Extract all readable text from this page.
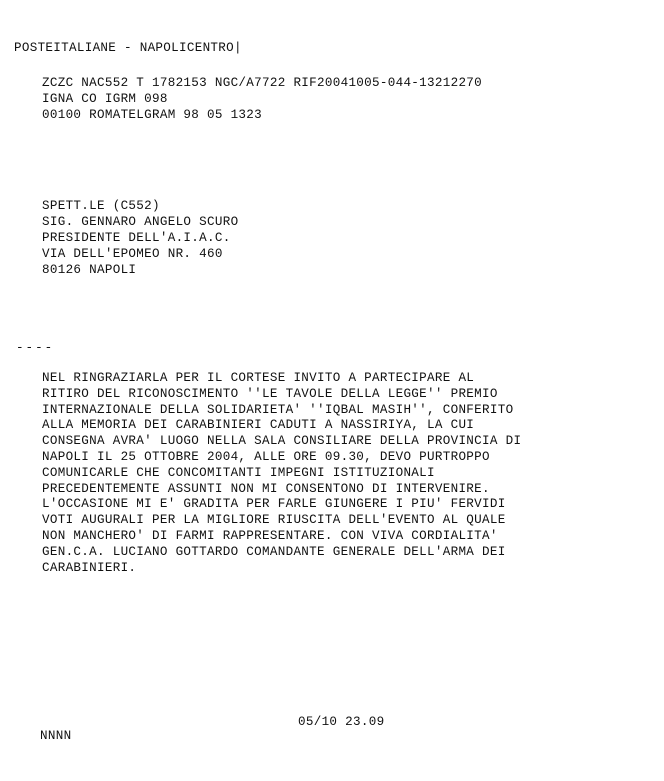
POSTEITALIANE - NAPOLICENTRO|
ZCZC NAC552 T 1782153 NGC/A7722 RIF20041005-044-13212270
IGNA CO IGRM 098
00100 ROMATELGRAM 98 05 1323
SPETT.LE (C552)
SIG. GENNARO ANGELO SCURO
PRESIDENTE DELL'A.I.A.C.
VIA DELL'EPOMEO NR. 460
80126 NAPOLI
----
NEL RINGRAZIARLA PER IL CORTESE INVITO A PARTECIPARE AL
RITIRO DEL RICONOSCIMENTO ''LE TAVOLE DELLA LEGGE'' PREMIO
INTERNAZIONALE DELLA SOLIDARIETA' ''IQBAL MASIH'', CONFERITO
ALLA MEMORIA DEI CARABINIERI CADUTI A NASSIRIYA, LA CUI
CONSEGNA AVRA' LUOGO NELLA SALA CONSILIARE DELLA PROVINCIA DI
NAPOLI IL 25 OTTOBRE 2004, ALLE ORE 09.30, DEVO PURTROPPO
COMUNICARLE CHE CONCOMITANTI IMPEGNI ISTITUZIONALI
PRECEDENTEMENTE ASSUNTI NON MI CONSENTONO DI INTERVENIRE.
L'OCCASIONE MI E' GRADITA PER FARLE GIUNGERE I PIU' FERVIDI
VOTI AUGURALI PER LA MIGLIORE RIUSCITA DELL'EVENTO AL QUALE
NON MANCHERO' DI FARMI RAPPRESENTARE. CON VIVA CORDIALITA'
GEN.C.A. LUCIANO GOTTARDO COMANDANTE GENERALE DELL'ARMA DEI
CARABINIERI.
05/10 23.09
NNNN
